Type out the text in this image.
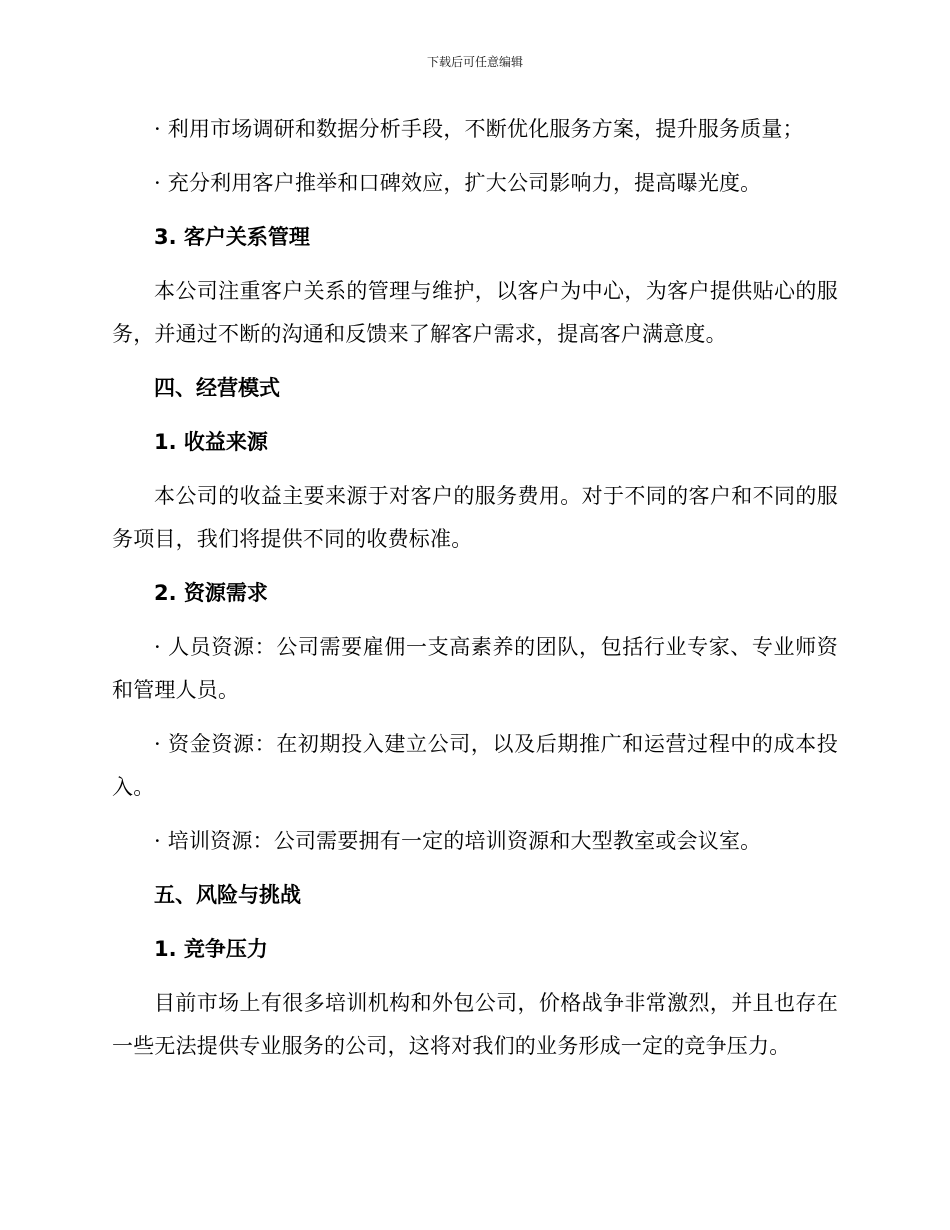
下载后可任意编辑

· 利用市场调研和数据分析手段，不断优化服务方案，提升服务质量；

· 充分利用客户推举和口碑效应，扩大公司影响力，提高曝光度。

3. 客户关系管理

本公司注重客户关系的管理与维护，以客户为中心，为客户提供贴心的服务，并通过不断的沟通和反馈来了解客户需求，提高客户满意度。

四、经营模式

1. 收益来源

本公司的收益主要来源于对客户的服务费用。对于不同的客户和不同的服务项目，我们将提供不同的收费标准。

2. 资源需求

· 人员资源：公司需要雇佣一支高素养的团队，包括行业专家、专业师资和管理人员。

· 资金资源：在初期投入建立公司，以及后期推广和运营过程中的成本投入。

· 培训资源：公司需要拥有一定的培训资源和大型教室或会议室。

五、风险与挑战

1. 竞争压力

目前市场上有很多培训机构和外包公司，价格战争非常激烈，并且也存在一些无法提供专业服务的公司，这将对我们的业务形成一定的竞争压力。
